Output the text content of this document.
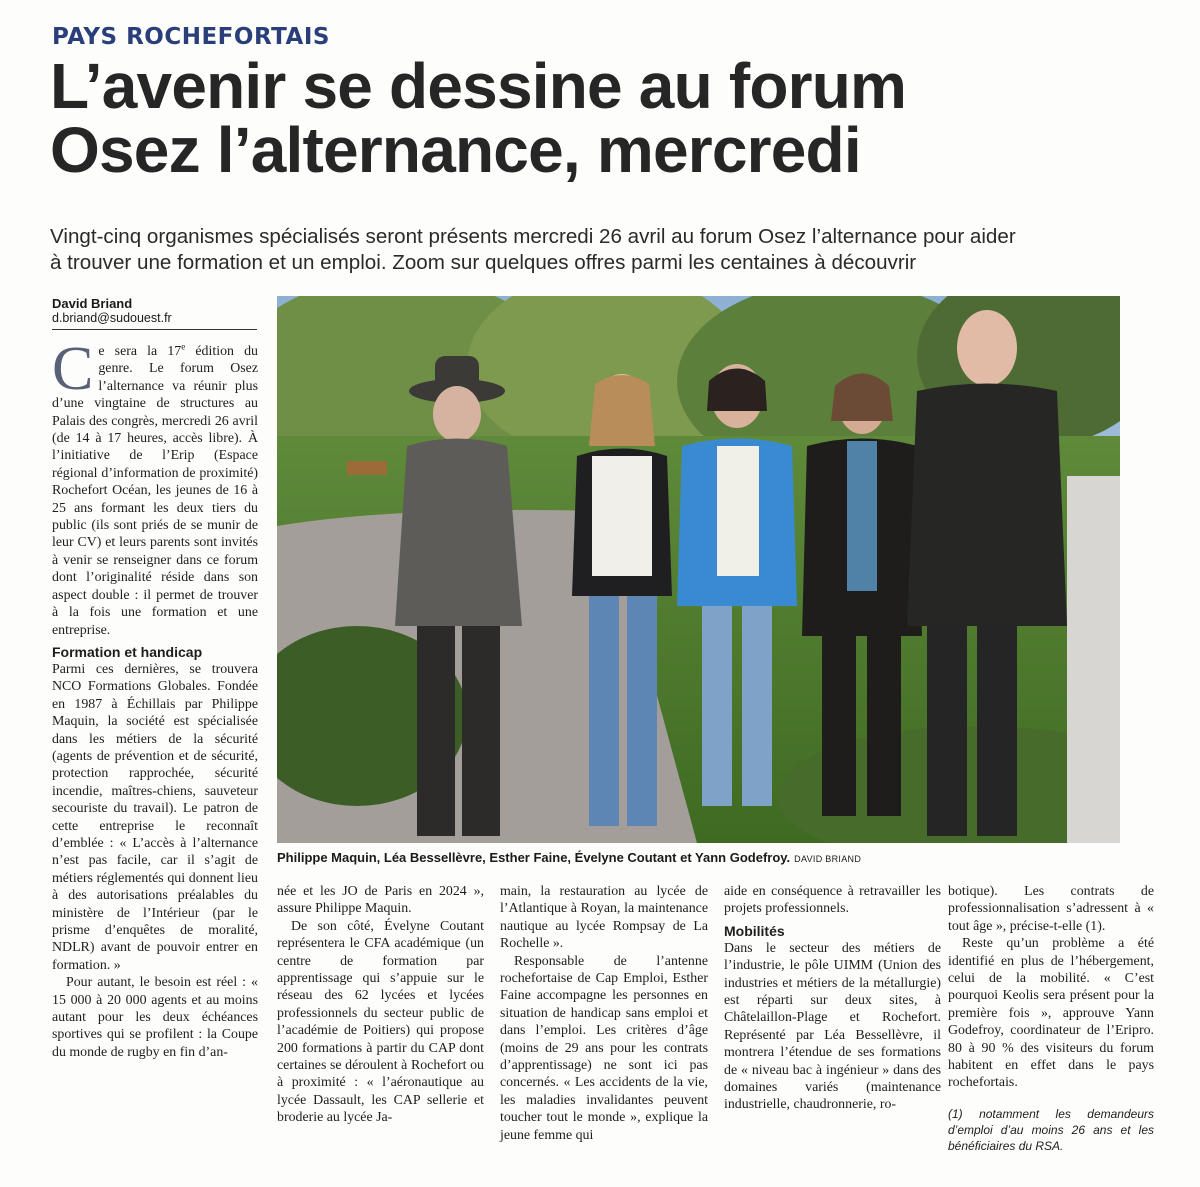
PAYS ROCHEFORTAIS
L’avenir se dessine au forum
Osez l’alternance, mercredi
Vingt-cinq organismes spécialisés seront présents mercredi 26 avril au forum Osez l’alternance pour aider
à trouver une formation et un emploi. Zoom sur quelques offres parmi les centaines à découvrir
David Briand
d.briand@sudouest.fr

Ce sera la 17e édition du genre. Le forum Osez l’alternance va réunir plus d’une vingtaine de structures au Palais des congrès, mercredi 26 avril (de 14 à 17 heures, accès libre). À l’initiative de l’Erip (Espace régional d’information de proximité) Rochefort Océan, les jeunes de 16 à 25 ans formant les deux tiers du public (ils sont priés de se munir de leur CV) et leurs parents sont invités à venir se renseigner dans ce forum dont l’originalité réside dans son aspect double : il permet de trouver à la fois une formation et une entreprise.

Formation et handicap

Parmi ces dernières, se trouvera NCO Formations Globales. Fondée en 1987 à Échillais par Philippe Maquin, la société est spécialisée dans les métiers de la sécurité (agents de prévention et de sécurité, protection rapprochée, sécurité incendie, maîtres-chiens, sauveteur secouriste du travail). Le patron de cette entreprise le reconnaît d’emblée : « L’accès à l’alternance n’est pas facile, car il s’agit de métiers réglementés qui donnent lieu à des autorisations préalables du ministère de l’Intérieur (par le prisme d’enquêtes de moralité, NDLR) avant de pouvoir entrer en formation. »

Pour autant, le besoin est réel : « 15 000 à 20 000 agents et au moins autant pour les deux échéances sportives qui se profilent : la Coupe du monde de rugby en fin d’an-

Philippe Maquin, Léa Bessellèvre, Esther Faine, Évelyne Coutant et Yann Godefroy. DAVID BRIAND

née et les JO de Paris en 2024 », assure Philippe Maquin.

De son côté, Évelyne Coutant représentera le CFA académique (un centre de formation par apprentissage qui s’appuie sur le réseau des 62 lycées et lycées professionnels du secteur public de l’académie de Poitiers) qui propose 200 formations à partir du CAP dont certaines se déroulent à Rochefort ou à proximité : « l’aéronautique au lycée Dassault, les CAP sellerie et broderie au lycée Ja-

main, la restauration au lycée de l’Atlantique à Royan, la maintenance nautique au lycée Rompsay de La Rochelle ».

Responsable de l’antenne rochefortaise de Cap Emploi, Esther Faine accompagne les personnes en situation de handicap sans emploi et dans l’emploi. Les critères d’âge (moins de 29 ans pour les contrats d’apprentissage) ne sont ici pas concernés. « Les accidents de la vie, les maladies invalidantes peuvent toucher tout le monde », explique la jeune femme qui

aide en conséquence à retravailler les projets professionnels.

Mobilités

Dans le secteur des métiers de l’industrie, le pôle UIMM (Union des industries et métiers de la métallurgie) est réparti sur deux sites, à Châtelaillon-Plage et Rochefort. Représenté par Léa Bessellèvre, il montrera l’étendue de ses formations de « niveau bac à ingénieur » dans des domaines variés (maintenance industrielle, chaudronnerie, ro-

botique). Les contrats de professionnalisation s’adressent à « tout âge », précise-t-elle (1).

Reste qu’un problème a été identifié en plus de l’hébergement, celui de la mobilité. « C’est pourquoi Keolis sera présent pour la première fois », approuve Yann Godefroy, coordinateur de l’Eripro. 80 à 90 % des visiteurs du forum habitent en effet dans le pays rochefortais.

(1) notamment les demandeurs d’emploi d’au moins 26 ans et les bénéficiaires du RSA.
